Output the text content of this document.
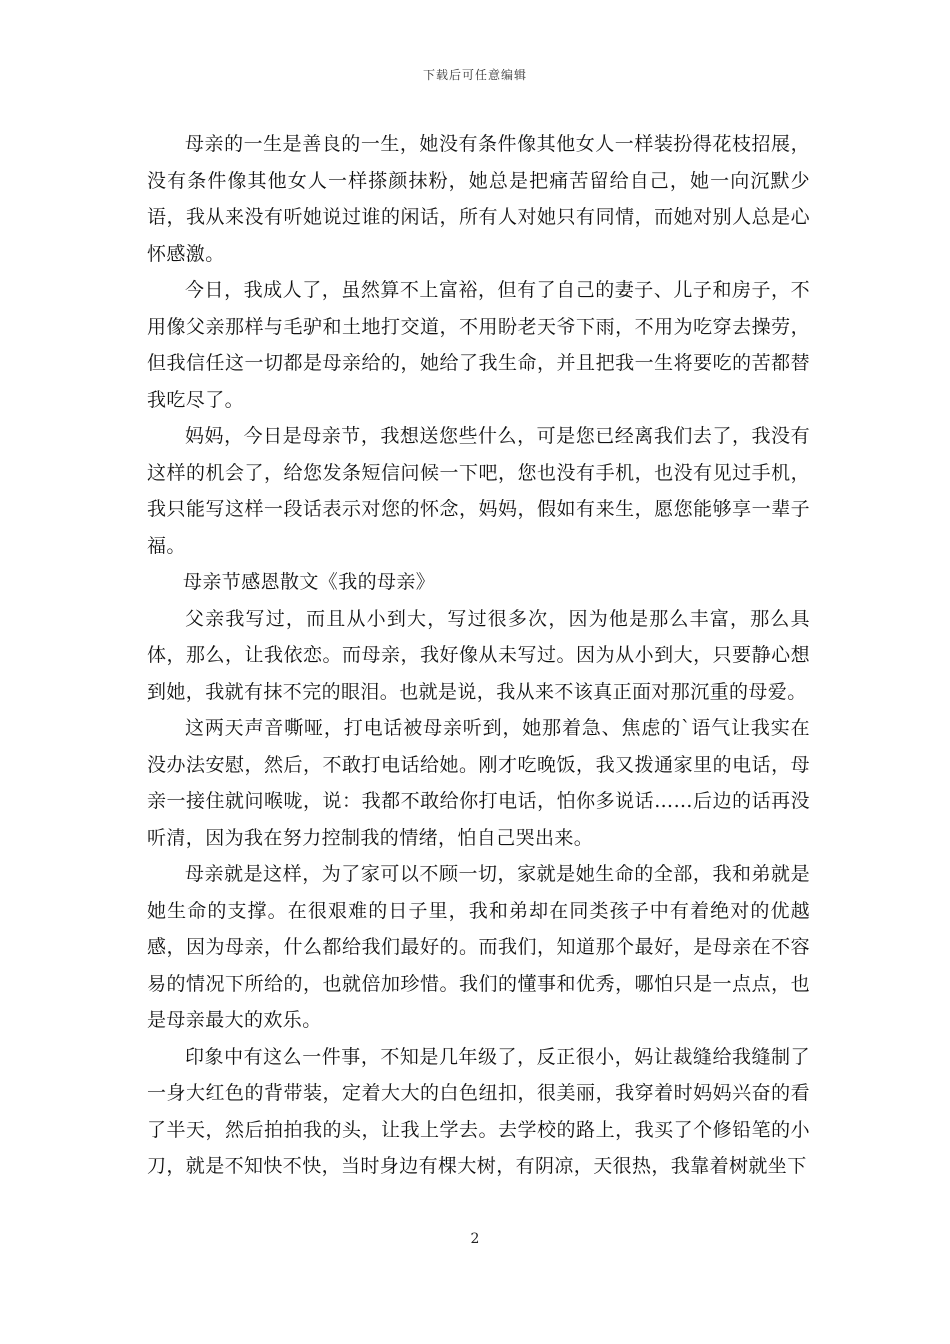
下载后可任意编辑

母亲的一生是善良的一生，她没有条件像其他女人一样装扮得花枝招展，没有条件像其他女人一样搽颜抹粉，她总是把痛苦留给自己，她一向沉默少语，我从来没有听她说过谁的闲话，所有人对她只有同情，而她对别人总是心怀感激。

今日，我成人了，虽然算不上富裕，但有了自己的妻子、儿子和房子，不用像父亲那样与毛驴和土地打交道，不用盼老天爷下雨，不用为吃穿去操劳，但我信任这一切都是母亲给的，她给了我生命，并且把我一生将要吃的苦都替我吃尽了。

妈妈，今日是母亲节，我想送您些什么，可是您已经离我们去了，我没有这样的机会了，给您发条短信问候一下吧，您也没有手机，也没有见过手机，我只能写这样一段话表示对您的怀念，妈妈，假如有来生，愿您能够享一辈子福。

母亲节感恩散文《我的母亲》

父亲我写过，而且从小到大，写过很多次，因为他是那么丰富，那么具体，那么，让我依恋。而母亲，我好像从未写过。因为从小到大，只要静心想到她，我就有抹不完的眼泪。也就是说，我从来不该真正面对那沉重的母爱。

这两天声音嘶哑，打电话被母亲听到，她那着急、焦虑的`语气让我实在没办法安慰，然后，不敢打电话给她。刚才吃晚饭，我又拨通家里的电话，母亲一接住就问喉咙，说：我都不敢给你打电话，怕你多说话……后边的话再没听清，因为我在努力控制我的情绪，怕自己哭出来。

母亲就是这样，为了家可以不顾一切，家就是她生命的全部，我和弟就是她生命的支撑。在很艰难的日子里，我和弟却在同类孩子中有着绝对的优越感，因为母亲，什么都给我们最好的。而我们，知道那个最好，是母亲在不容易的情况下所给的，也就倍加珍惜。我们的懂事和优秀，哪怕只是一点点，也是母亲最大的欢乐。

印象中有这么一件事，不知是几年级了，反正很小，妈让裁缝给我缝制了一身大红色的背带装，定着大大的白色纽扣，很美丽，我穿着时妈妈兴奋的看了半天，然后拍拍我的头，让我上学去。去学校的路上，我买了个修铅笔的小刀，就是不知快不快，当时身边有棵大树，有阴凉，天很热，我靠着树就坐下

2
